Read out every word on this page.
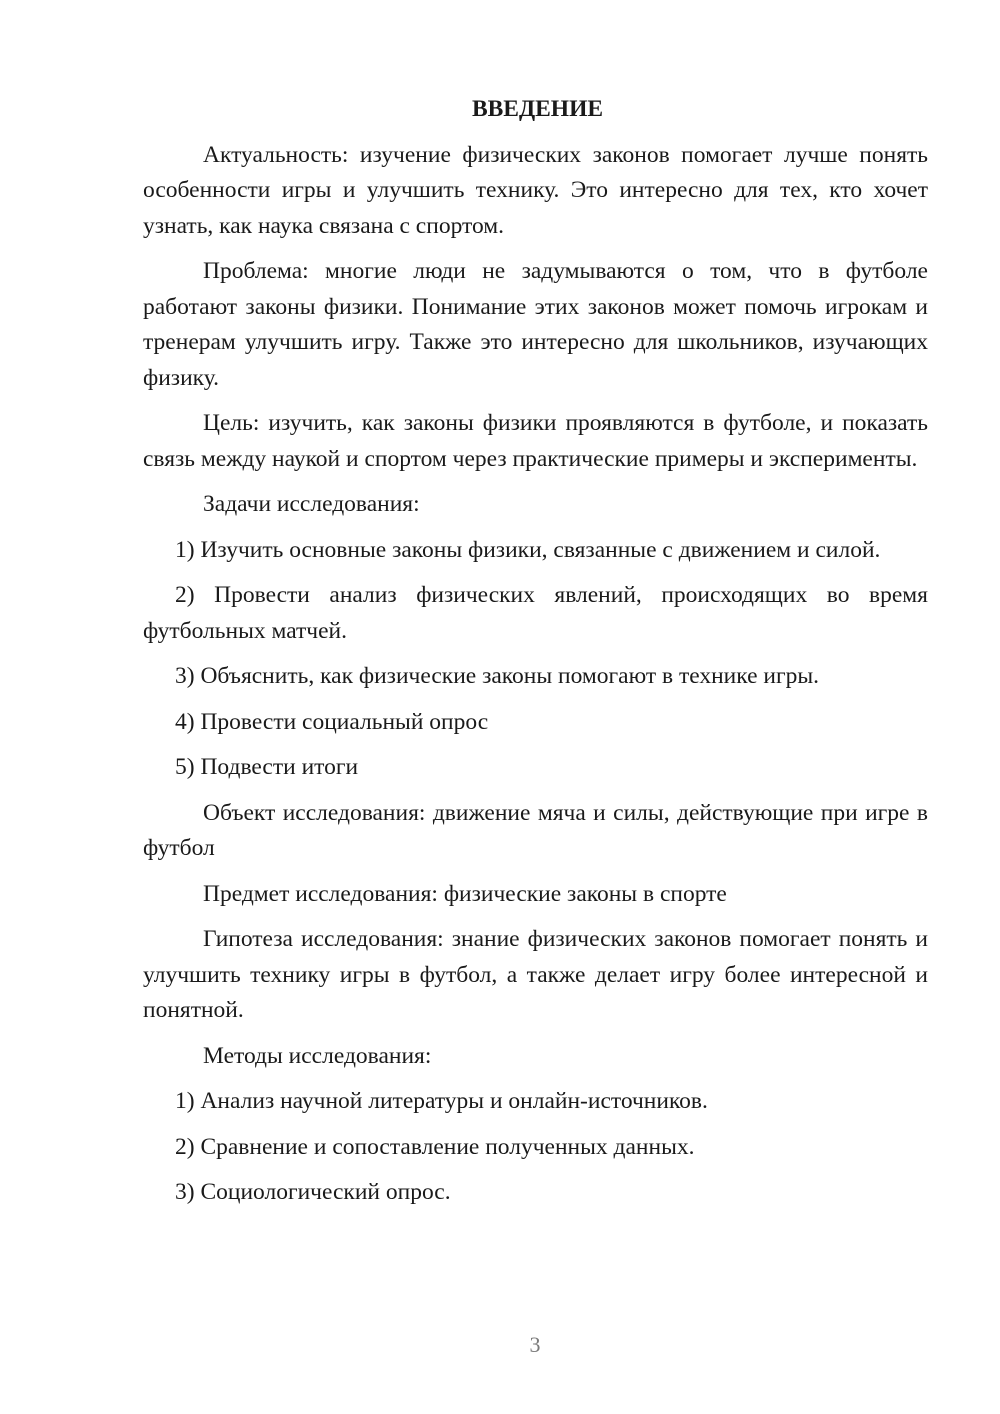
ВВЕДЕНИЕ

Актуальность: изучение физических законов помогает лучше понять особенности игры и улучшить технику. Это интересно для тех, кто хочет узнать, как наука связана с спортом.

Проблема: многие люди не задумываются о том, что в футболе работают законы физики. Понимание этих законов может помочь игрокам и тренерам улучшить игру. Также это интересно для школьников, изучающих физику.

Цель: изучить, как законы физики проявляются в футболе, и показать связь между наукой и спортом через практические примеры и эксперименты.

Задачи исследования:

1) Изучить основные законы физики, связанные с движением и силой.

2) Провести анализ физических явлений, происходящих во время футбольных матчей.

3) Объяснить, как физические законы помогают в технике игры.

4) Провести социальный опрос

5) Подвести итоги

Объект исследования: движение мяча и силы, действующие при игре в футбол

Предмет исследования: физические законы в спорте

Гипотеза исследования: знание физических законов помогает понять и улучшить технику игры в футбол, а также делает игру более интересной и понятной.

Методы исследования:

1) Анализ научной литературы и онлайн-источников.

2) Сравнение и сопоставление полученных данных.

3) Социологический опрос.

3
